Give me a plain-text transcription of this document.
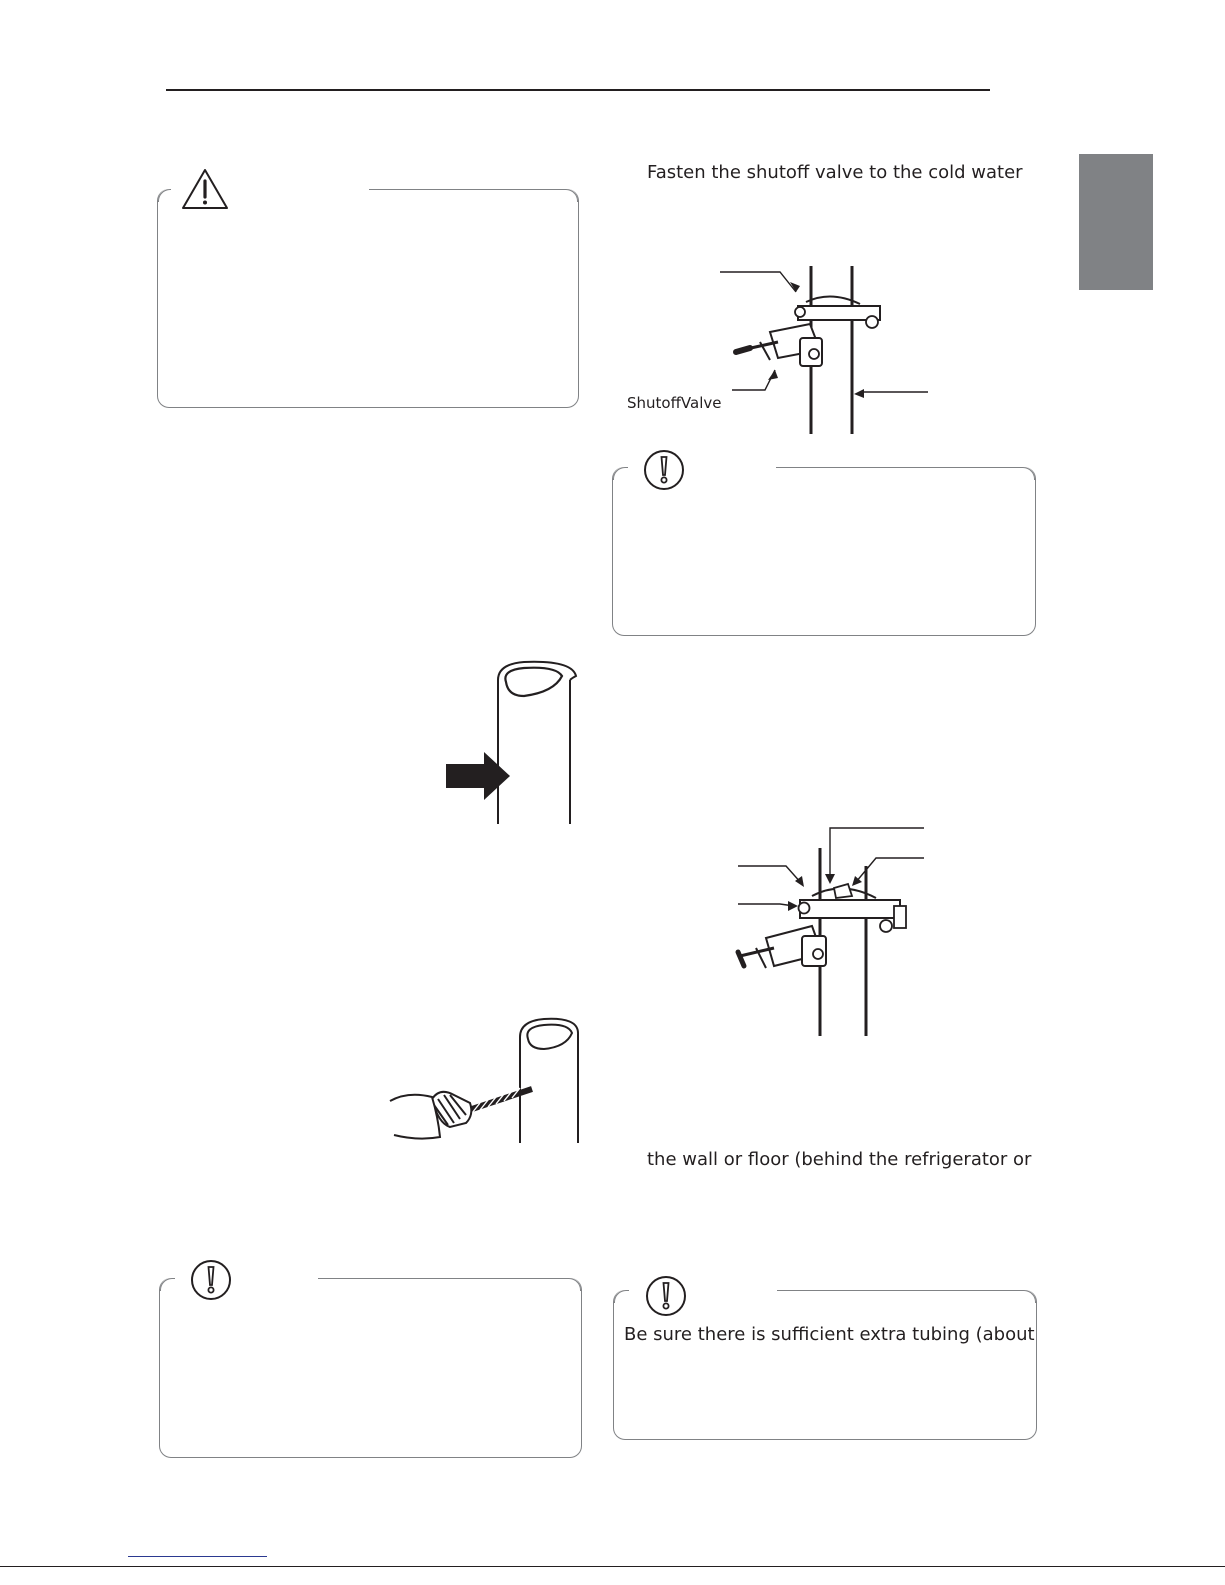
Be sure there is sufficient extra tubing (about
Fasten the shutoff valve to the cold water
the wall or floor (behind the refrigerator or
ShutoffValve
